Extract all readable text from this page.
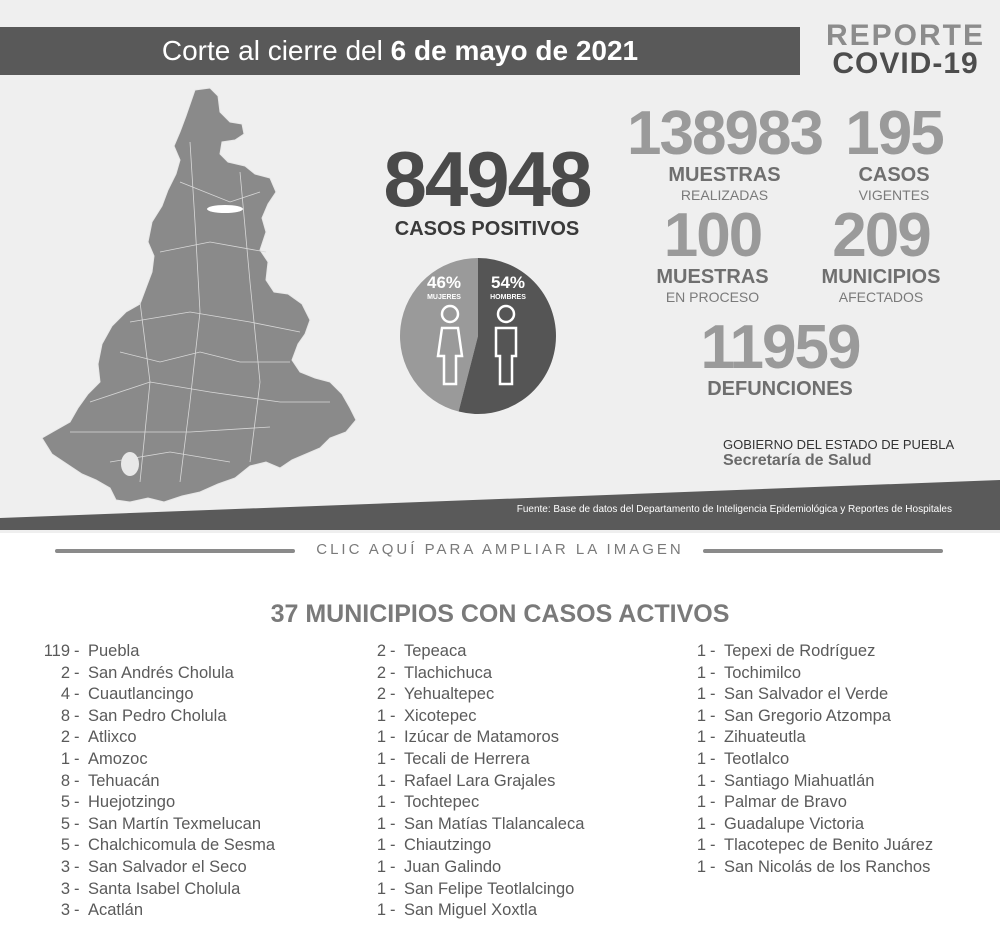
Corte al cierre del 6 de mayo de 2021	REPORTE
COVID-19
84948
CASOS POSITIVOS
138983
MUESTRAS
REALIZADAS
195
CASOS
VIGENTES
100
MUESTRAS
EN PROCESO
209
MUNICIPIOS
AFECTADOS
11959
DEFUNCIONES
46%
MUJERES
54%
HOMBRES
GOBIERNO DEL ESTADO DE PUEBLA
Secretaría de Salud
Fuente: Base de datos del Departamento de Inteligencia Epidemiológica y Reportes de Hospitales
CLIC AQUÍ PARA AMPLIAR LA IMAGEN
37 MUNICIPIOS CON CASOS ACTIVOS
119 - Puebla
2 - San Andrés Cholula
4 - Cuautlancingo
8 - San Pedro Cholula
2 - Atlixco
1 - Amozoc
8 - Tehuacán
5 - Huejotzingo
5 - San Martín Texmelucan
5 - Chalchicomula de Sesma
3 - San Salvador el Seco
3 - Santa Isabel Cholula
3 - Acatlán
2 - Tepeaca
2 - Tlachichuca
2 - Yehualtepec
1 - Xicotepec
1 - Izúcar de Matamoros
1 - Tecali de Herrera
1 - Rafael Lara Grajales
1 - Tochtepec
1 - San Matías Tlalancaleca
1 - Chiautzingo
1 - Juan Galindo
1 - San Felipe Teotlalcingo
1 - San Miguel Xoxtla
1 - Tepexi de Rodríguez
1 - Tochimilco
1 - San Salvador el Verde
1 - San Gregorio Atzompa
1 - Zihuateutla
1 - Teotlalco
1 - Santiago Miahuatlán
1 - Palmar de Bravo
1 - Guadalupe Victoria
1 - Tlacotepec de Benito Juárez
1 - San Nicolás de los Ranchos
